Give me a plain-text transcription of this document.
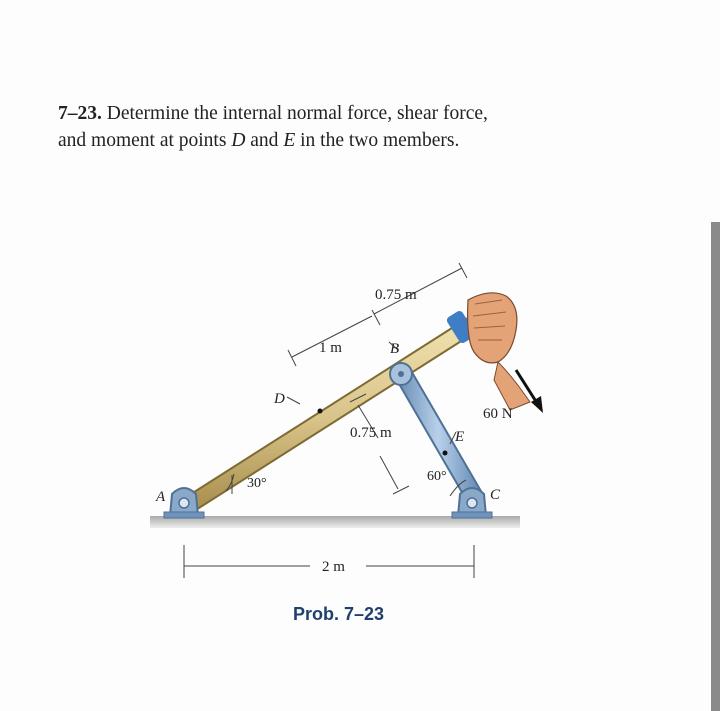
7–23. Determine the internal normal force, shear force,
and moment at points D and E in the two members.
0.75 m
1 m	B
D
0.75 m	E
60 N
60°
30°
A	C
2 m
Prob. 7–23
